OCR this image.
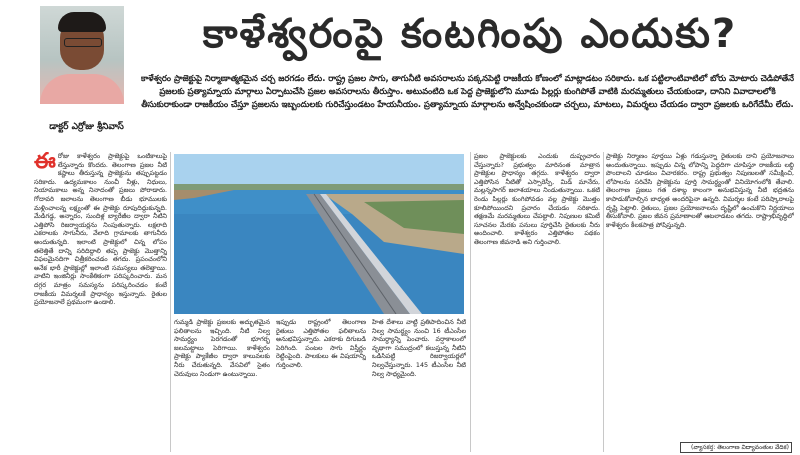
డాక్టర్ ఎర్రోజు శ్రీనివాస్
కాళేశ్వరంపై కంటగింపు ఎందుకు?
కాళేశ్వరం ప్రాజెక్టుపై నిర్మాణాత్మకమైన చర్చ జరగడం లేదు. రాష్ట్ర ప్రజల సాగు, తాగునీటి అవసరాలను పక్కనపెట్టి రాజకీయ కోణంలో మాట్లాడటం సరికాదు. ఒక పట్టిలాంటివాటిలో బోరు మోటారు చెడిపోతేనే ప్రజలకు ప్రత్యామ్నాయ మార్గాలు ఏర్పాటుచేసి ప్రజల అవసరాలను తీరుస్తాం. అటువంటిది ఒక పెద్ద ప్రాజెక్టులోని మూడు పిల్లర్లు కుంగిపోతే వాటికి మరమ్మతులు చేయకుండా, దానిని వివాదాలలోకి తీసుకురాకుండా రాజకీయం చేస్తూ ప్రజలను ఇబ్బందులకు గురిచేస్తుండటం హేయనీయం. ప్రత్యామ్నాయ మార్గాలను అన్వేషించకుండా చర్చలు, మాటలు, విమర్శలు చేయడం ద్వారా ప్రజలకు ఒరిగేదేమీ లేదు.
ఈ రోజు కాళేశ్వరం ప్రాజెక్టుపై ఒంటికాలుపై లేస్తున్నారు కొందరు. తెలంగాణ ప్రజల నీటి కష్టాలు తీరుస్తున్న ప్రాజెక్టును తప్పుపట్టడం సరికాదు. ఉద్యమకాలం నుంచీ నీళ్లు, నిధులు, నియామకాలు అన్న నినాదంతో ప్రజలు పోరాడారు. గోదావరి జలాలను తెలంగాణ బీడు భూములకు మళ్లించాలన్న లక్ష్యంతో ఈ ప్రాజెక్టు రూపుదిద్దుకున్నది. మేడిగడ్డ, అన్నారం, సుందిళ్ల బ్యారేజీల ద్వారా నీటిని ఎత్తిపోసి రిజర్వాయర్లను నింపుతున్నారు. లక్షలాది ఎకరాలకు సాగునీరు, వేలాది గ్రామాలకు తాగునీరు అందుతున్నది. ఇలాంటి ప్రాజెక్టులో చిన్న లోపం తలెత్తితే దాన్ని సరిదిద్దాలి తప్ప ప్రాజెక్టు మొత్తాన్ని విఫలమైనదిగా చిత్రీకరించడం తగదు. ప్రపంచంలోని అనేక భారీ ప్రాజెక్టుల్లో ఇలాంటి సమస్యలు తలెత్తాయి. వాటిని ఇంజినీర్లు సాంకేతికంగా పరిష్కరించారు. మన దగ్గర మాత్రం సమస్యను పరిష్కరించడం కంటే రాజకీయ విమర్శలకే ప్రాధాన్యం ఇస్తున్నారు. రైతుల ప్రయోజనాలే ప్రథమంగా ఉండాలి.
గుమ్మడి ప్రాజెక్టు ప్రజలకు అద్భుతమైన ఫలితాలను ఇచ్చింది. నీటి నిల్వ సామర్థ్యం పెరగడంతో భూగర్భ జలమట్టాలు పెరిగాయి. కాళేశ్వరం ప్రాజెక్టు ప్యాకేజీల ద్వారా కాలువలకు నీరు చేరుతున్నది. వేసవిలో సైతం చెరువులు నిండుగా ఉంటున్నాయి.
ఇప్పుడు రాష్ట్రంలో తెలంగాణ రైతులు ఎత్తిపోతల ఫలితాలను అనుభవిస్తున్నారు. ఎకరాకు దిగుబడి పెరిగింది. పంటల సాగు విస్తీర్ణం రెట్టింపైంది. పాలకులు ఈ విషయాన్ని గుర్తించాలి.
హిత దేశాలు వాట్టి ప్రతిపాదించిన నీటి నిల్వ సామర్థ్యం నుంచి 16 టీఎంసీల సామర్థ్యాన్ని పెంచారు. వర్షాకాలంలో వృథాగా సముద్రంలో కలుస్తున్న నీటిని ఒడిసిపట్టి రిజర్వాయర్లలో నిల్వచేస్తున్నారు. 145 టీఎంసీల నీటి నిల్వ సాధ్యమైంది.
ప్రజల ప్రాజెక్టులకు ఎందుకు దుష్ప్రచారం చేస్తున్నారు? ప్రభుత్వం మారినంత మాత్రాన ప్రాజెక్టుల ప్రాధాన్యం తగ్గదు. కాళేశ్వరం ద్వారా ఎత్తిపోసిన నీటితో ఎస్సారెస్పీ, మిడ్ మానేరు, మల్లన్నసాగర్ జలాశయాలు నిండుతున్నాయి. ఒకటి రెండు పిల్లర్లు కుంగిపోవడం వల్ల ప్రాజెక్టు మొత్తం కూలిపోయిందని ప్రచారం చేయడం సరికాదు. తక్షణమే మరమ్మతులు చేపట్టాలి. నిపుణుల కమిటీ సూచనల మేరకు పనులు పూర్తిచేసి రైతులకు నీరు అందించాలి. కాళేశ్వరం ఎత్తిపోతల పథకం తెలంగాణ జీవనాడి అని గుర్తించాలి.
ప్రాజెక్టు నిర్మాణం పూర్తయి ఏళ్లు గడుస్తున్నా రైతులకు దాని ప్రయోజనాలు అందుతున్నాయి. ఇప్పుడు చిన్న లోపాన్ని పెద్దదిగా చూపిస్తూ రాజకీయ లబ్ధి పొందాలని చూడటం విచారకరం. రాష్ట్ర ప్రభుత్వం నిపుణులతో సమీక్షించి, లోపాలను సరిచేసి ప్రాజెక్టును పూర్తి సామర్థ్యంతో వినియోగంలోకి తేవాలి. తెలంగాణ ప్రజలు గత దశాబ్ద కాలంగా అనుభవిస్తున్న నీటి భద్రతను కాపాడుకోవాల్సిన బాధ్యత అందరిపైనా ఉన్నది. విమర్శల కంటే పరిష్కారాలపై దృష్టి పెట్టాలి. రైతులు, ప్రజల ప్రయోజనాలను దృష్టిలో ఉంచుకొని నిర్ణయాలు తీసుకోవాలి. ప్రజల జీవన ప్రమాణాలతో ఆటలాడటం తగదు. రాష్ట్రాభివృద్ధిలో కాళేశ్వరం కీలకపాత్ర పోషిస్తున్నది.
(వ్యాసకర్త: తెలంగాణ విద్యావంతుల వేదిక)
